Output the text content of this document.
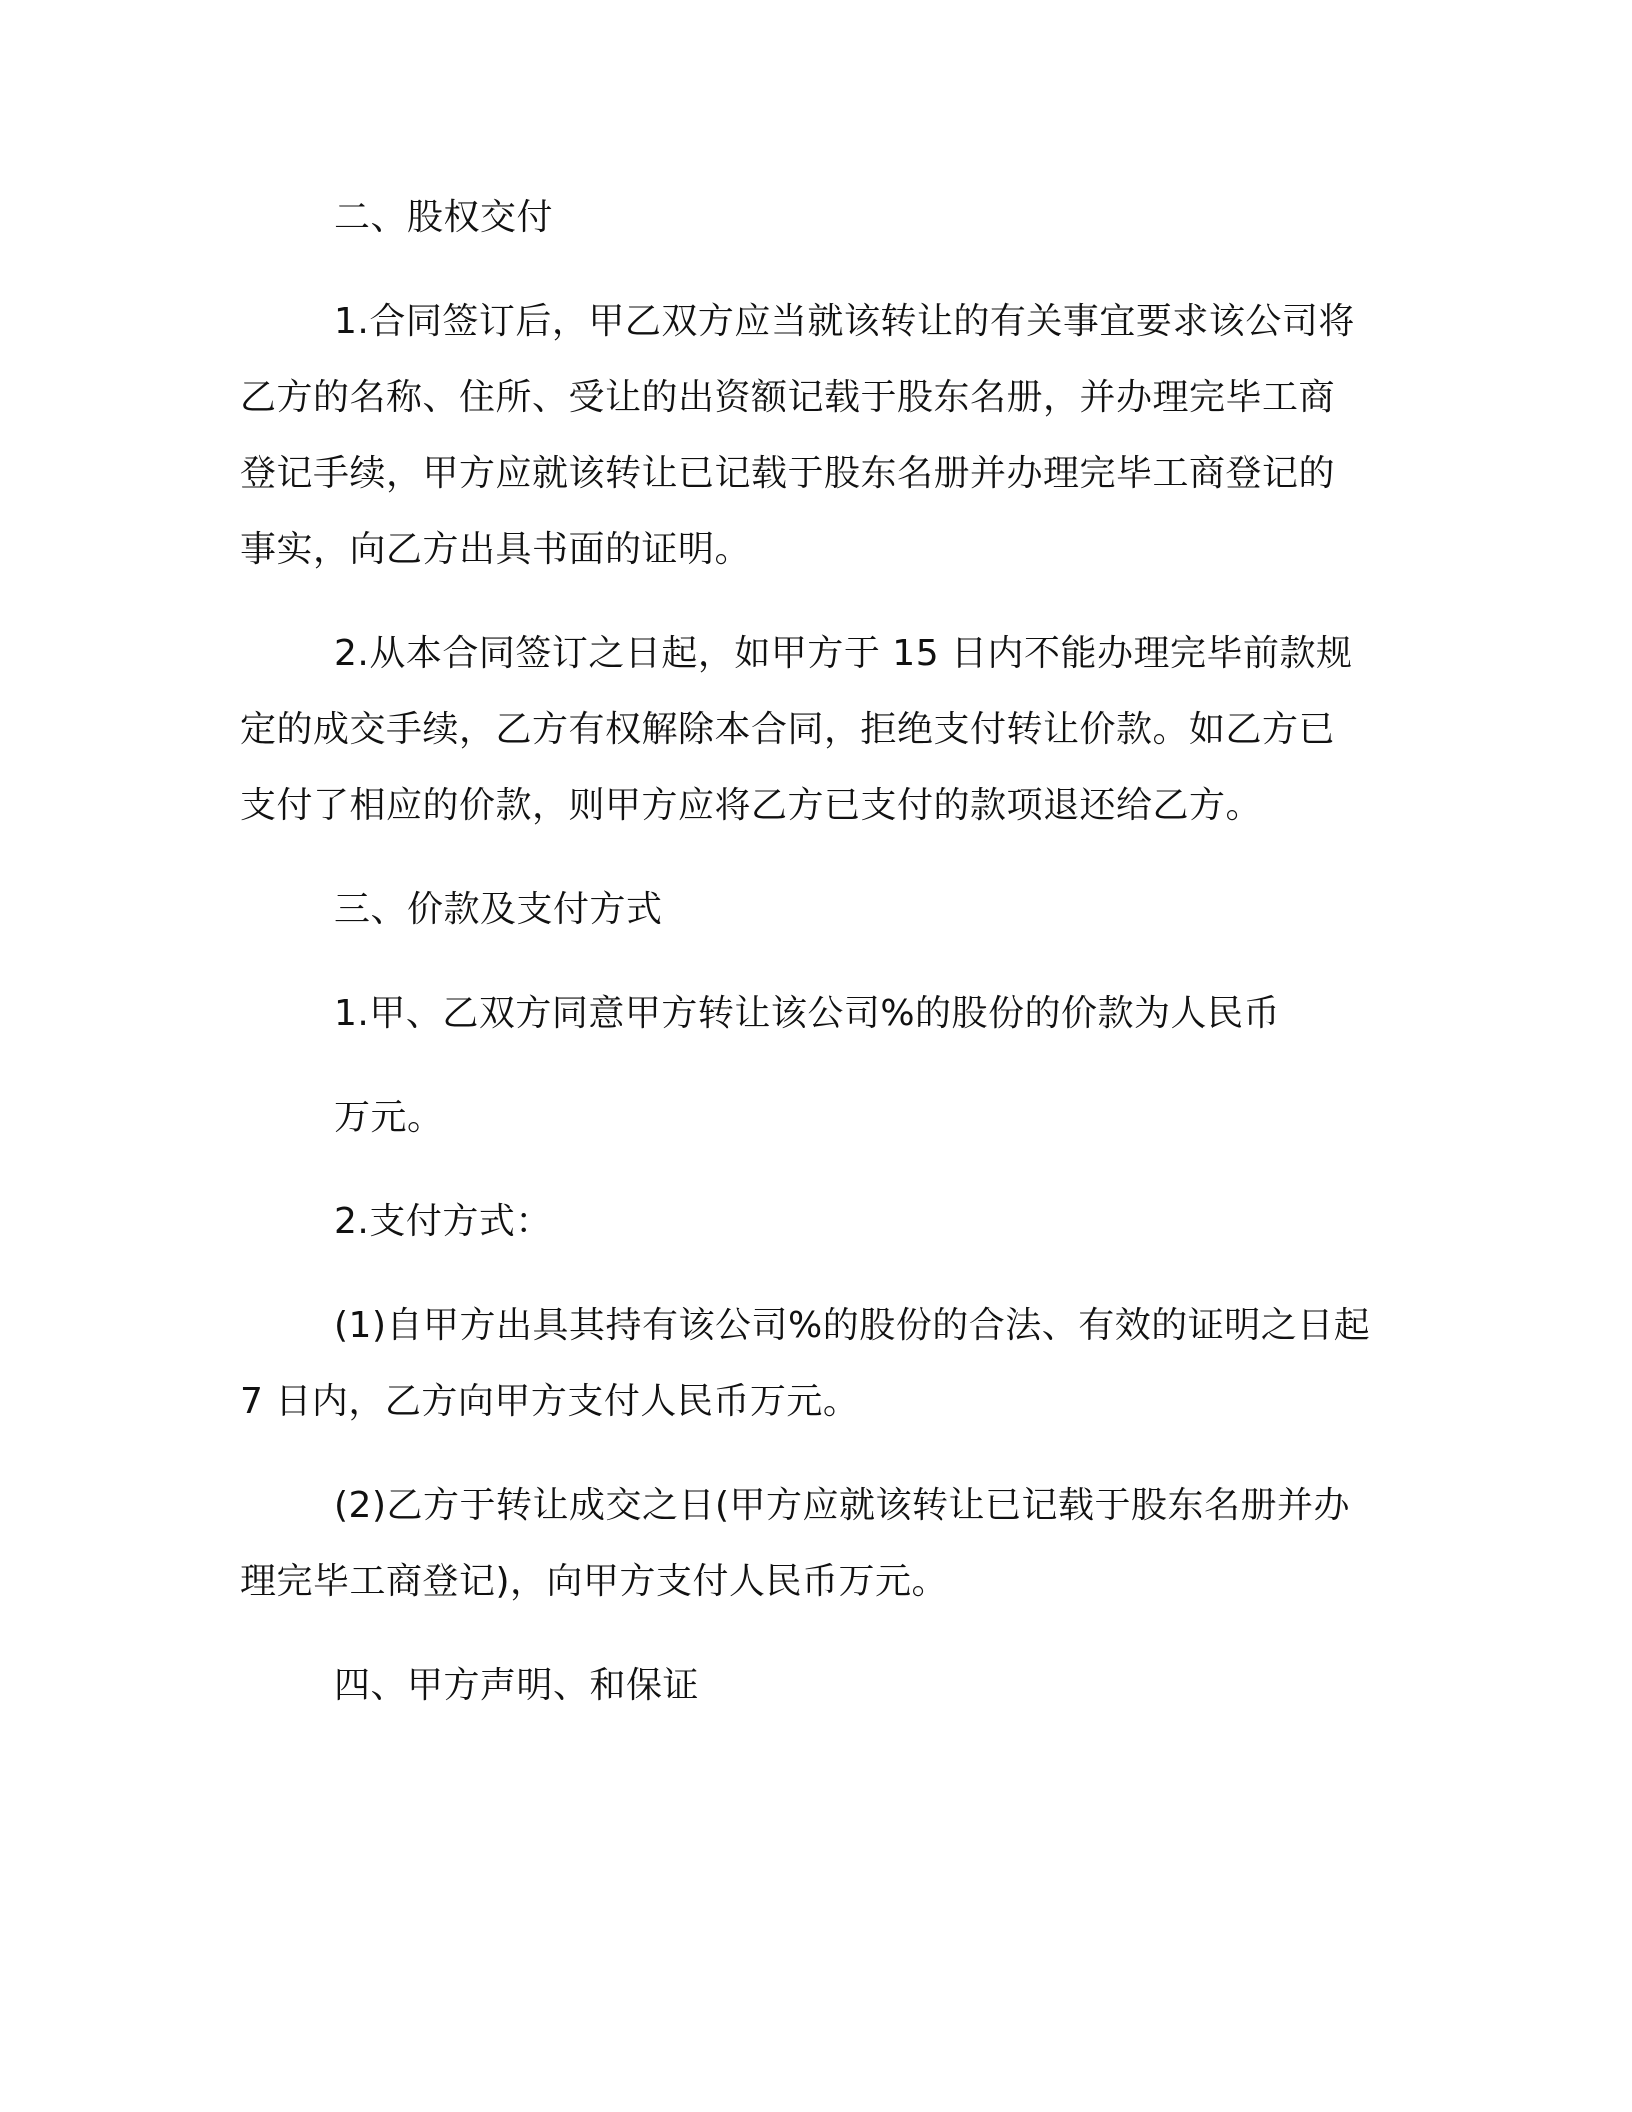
二、股权交付
1.合同签订后，甲乙双方应当就该转让的有关事宜要求该公司将
乙方的名称、住所、受让的出资额记载于股东名册，并办理完毕工商
登记手续，甲方应就该转让已记载于股东名册并办理完毕工商登记的
事实，向乙方出具书面的证明。
2.从本合同签订之日起，如甲方于 15 日内不能办理完毕前款规
定的成交手续，乙方有权解除本合同，拒绝支付转让价款。如乙方已
支付了相应的价款，则甲方应将乙方已支付的款项退还给乙方。
三、价款及支付方式
1.甲、乙双方同意甲方转让该公司%的股份的价款为人民币
万元。
2.支付方式：
(1)自甲方出具其持有该公司%的股份的合法、有效的证明之日起
7 日内，乙方向甲方支付人民币万元。
(2)乙方于转让成交之日(甲方应就该转让已记载于股东名册并办
理完毕工商登记)，向甲方支付人民币万元。
四、甲方声明、和保证
